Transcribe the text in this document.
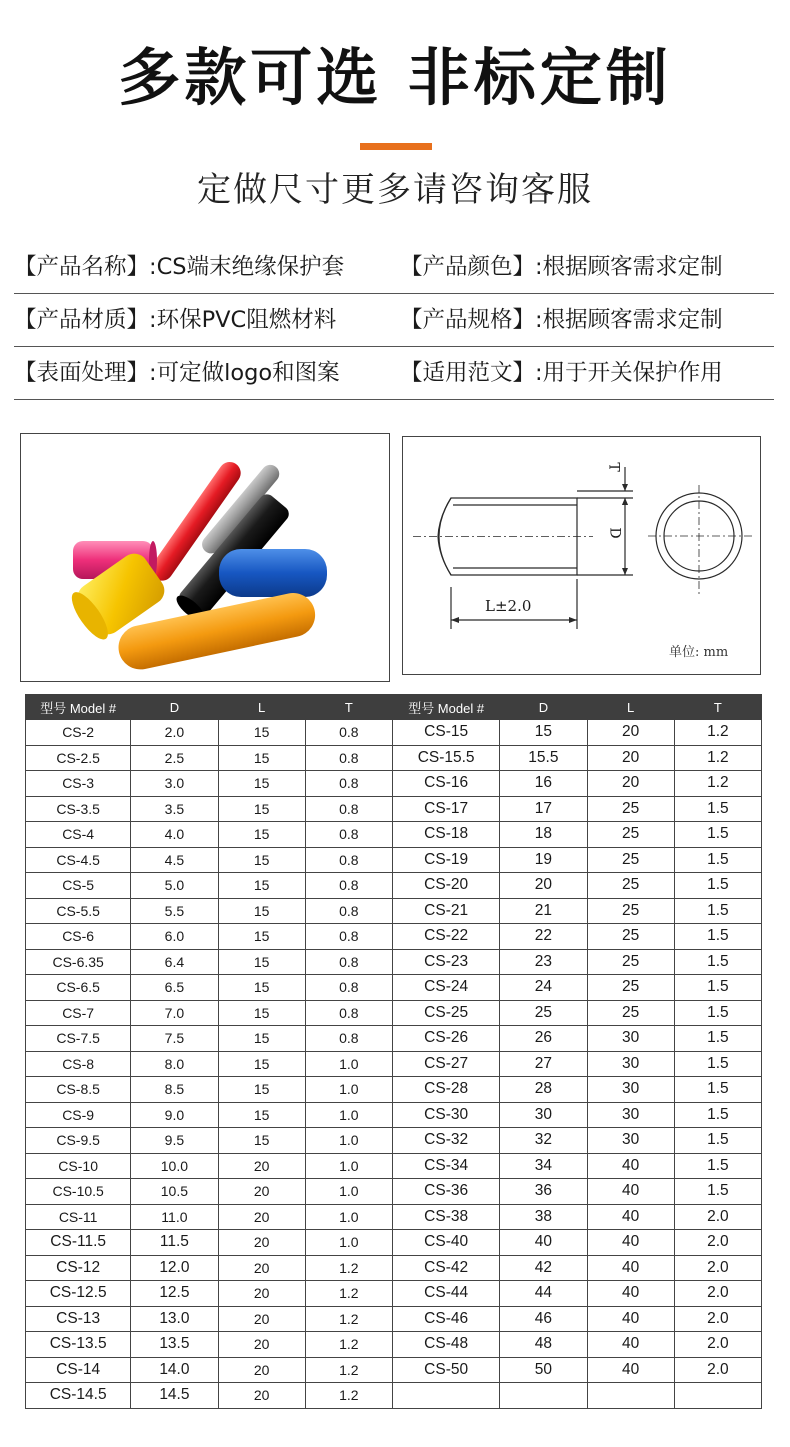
多款可选 非标定制
定做尺寸更多请咨询客服
【产品名称】:CS端末绝缘保护套 【产品颜色】:根据顾客需求定制
【产品材质】:环保PVC阻燃材料	【产品规格】:根据顾客需求定制
【表面处理】:可定做logo和图案	【适用范文】:用于开关保护作用
T
D
L±2.0
单位: mm
型号 Model #	D	L	T	型号 Model #	D	L	T
CS-2	2.0	15	0.8	CS-15	15	20	1.2
CS-2.5	2.5	15	0.8	CS-15.5	15.5	20	1.2
CS-3	3.0	15	0.8	CS-16	16	20	1.2
CS-3.5	3.5	15	0.8	CS-17	17	25	1.5
CS-4	4.0	15	0.8	CS-18	18	25	1.5
CS-4.5	4.5	15	0.8	CS-19	19	25	1.5
CS-5	5.0	15	0.8	CS-20	20	25	1.5
CS-5.5	5.5	15	0.8	CS-21	21	25	1.5
CS-6	6.0	15	0.8	CS-22	22	25	1.5
CS-6.35	6.4	15	0.8	CS-23	23	25	1.5
CS-6.5	6.5	15	0.8	CS-24	24	25	1.5
CS-7	7.0	15	0.8	CS-25	25	25	1.5
CS-7.5	7.5	15	0.8	CS-26	26	30	1.5
CS-8	8.0	15	1.0	CS-27	27	30	1.5
CS-8.5	8.5	15	1.0	CS-28	28	30	1.5
CS-9	9.0	15	1.0	CS-30	30	30	1.5
CS-9.5	9.5	15	1.0	CS-32	32	30	1.5
CS-10	10.0	20	1.0	CS-34	34	40	1.5
CS-10.5	10.5	20	1.0	CS-36	36	40	1.5
CS-11	11.0	20	1.0	CS-38	38	40	2.0
CS-11.5	11.5	20	1.0	CS-40	40	40	2.0
CS-12	12.0	20	1.2	CS-42	42	40	2.0
CS-12.5	12.5	20	1.2	CS-44	44	40	2.0
CS-13	13.0	20	1.2	CS-46	46	40	2.0
CS-13.5	13.5	20	1.2	CS-48	48	40	2.0
CS-14	14.0	20	1.2	CS-50	50	40	2.0
CS-14.5	14.5	20	1.2				
